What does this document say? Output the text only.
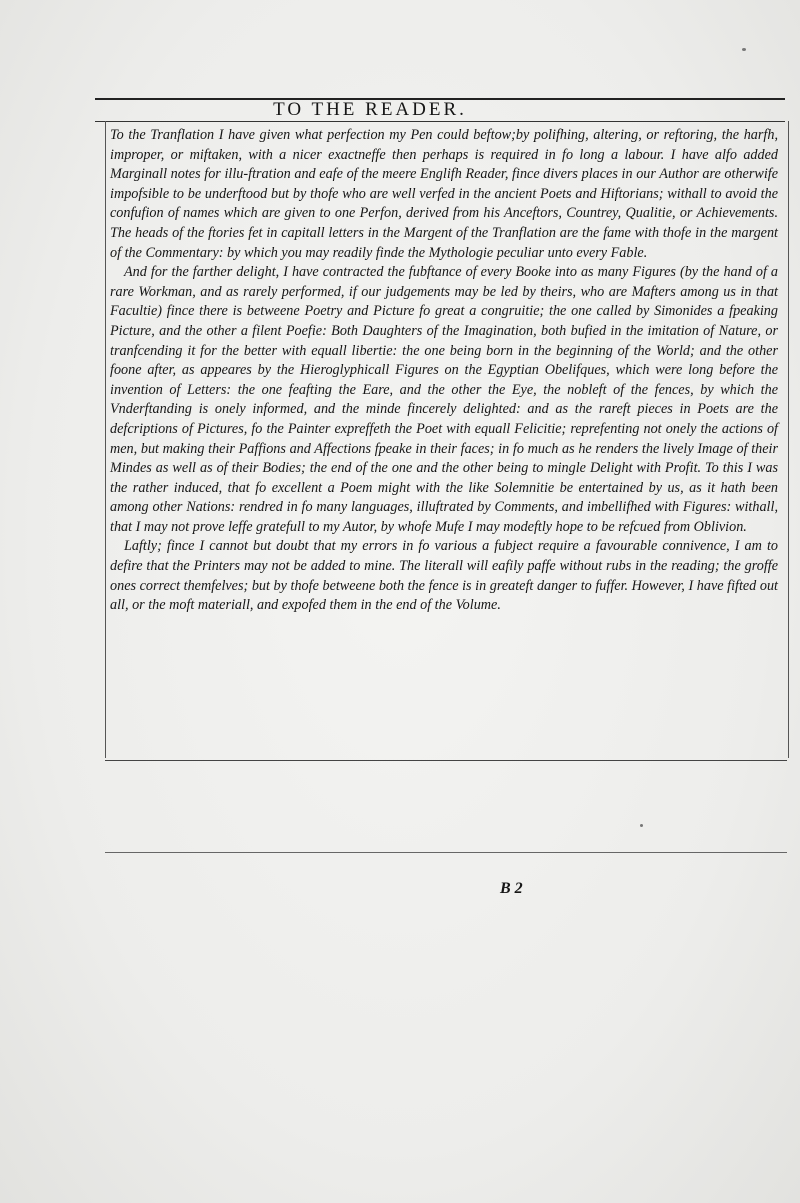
TO THE READER.

To the Tranflation I have given what perfection my Pen could beftow;by polifhing, altering, or reftoring, the harfh, improper, or miftaken, with a nicer exactneffe then perhaps is required in fo long a labour. I have alfo added Marginall notes for illu-ftration and eafe of the meere Englifh Reader, fince divers places in our Author are otherwife impofsible to be underftood but by thofe who are well verfed in the ancient Poets and Hiftorians; withall to avoid the confufion of names which are given to one Perfon, derived from his Anceftors, Countrey, Qualitie, or Achievements. The heads of the ftories fet in capitall letters in the Margent of the Tranflation are the fame with thofe in the margent of the Commentary: by which you may readily finde the Mythologie peculiar unto every Fable.

And for the farther delight, I have contracted the fubftance of every Booke into as many Figures (by the hand of a rare Workman, and as rarely performed, if our judgements may be led by theirs, who are Mafters among us in that Facultie) fince there is betweene Poetry and Picture fo great a congruitie; the one called by Simonides a fpeaking Picture, and the other a filent Poefie: Both Daughters of the Imagination, both bufied in the imitation of Nature, or tranfcending it for the better with equall libertie: the one being born in the beginning of the World; and the other foone after, as appeares by the Hieroglyphicall Figures on the Egyptian Obelifques, which were long before the invention of Letters: the one feafting the Eare, and the other the Eye, the nobleft of the fences, by which the Vnderftanding is onely informed, and the minde fincerely delighted: and as the rareft pieces in Poets are the defcriptions of Pictures, fo the Painter expreffeth the Poet with equall Felicitie; reprefenting not onely the actions of men, but making their Paffions and Affections fpeake in their faces; in fo much as he renders the lively Image of their Mindes as well as of their Bodies; the end of the one and the other being to mingle Delight with Profit. To this I was the rather induced, that fo excellent a Poem might with the like Solemnitie be entertained by us, as it hath been among other Nations: rendred in fo many languages, illuftrated by Comments, and imbellifhed with Figures: withall, that I may not prove leffe gratefull to my Autor, by whofe Mufe I may modeftly hope to be refcued from Oblivion.

Laftly; fince I cannot but doubt that my errors in fo various a fubject require a favourable connivence, I am to defire that the Printers may not be added to mine. The literall will eafily paffe without rubs in the reading; the groffe ones correct themfelves; but by thofe betweene both the fence is in greateft danger to fuffer. However, I have fifted out all, or the moft materiall, and expofed them in the end of the Volume.

B 2
